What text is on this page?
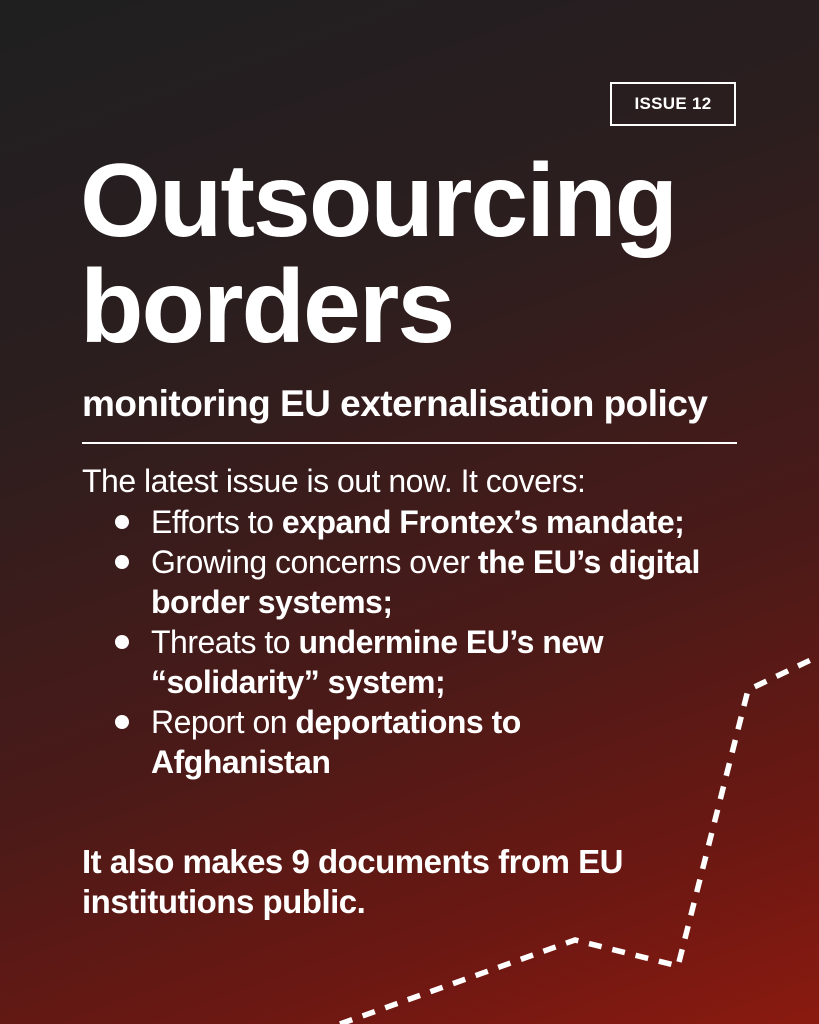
ISSUE 12
Outsourcing
borders

monitoring EU externalisation policy

The latest issue is out now. It covers:

Efforts to expand Frontex’s mandate;
Growing concerns over the EU’s digital border systems;
Threats to undermine EU’s new “solidarity” system;
Report on deportations to Afghanistan

It also makes 9 documents from EU institutions public.
